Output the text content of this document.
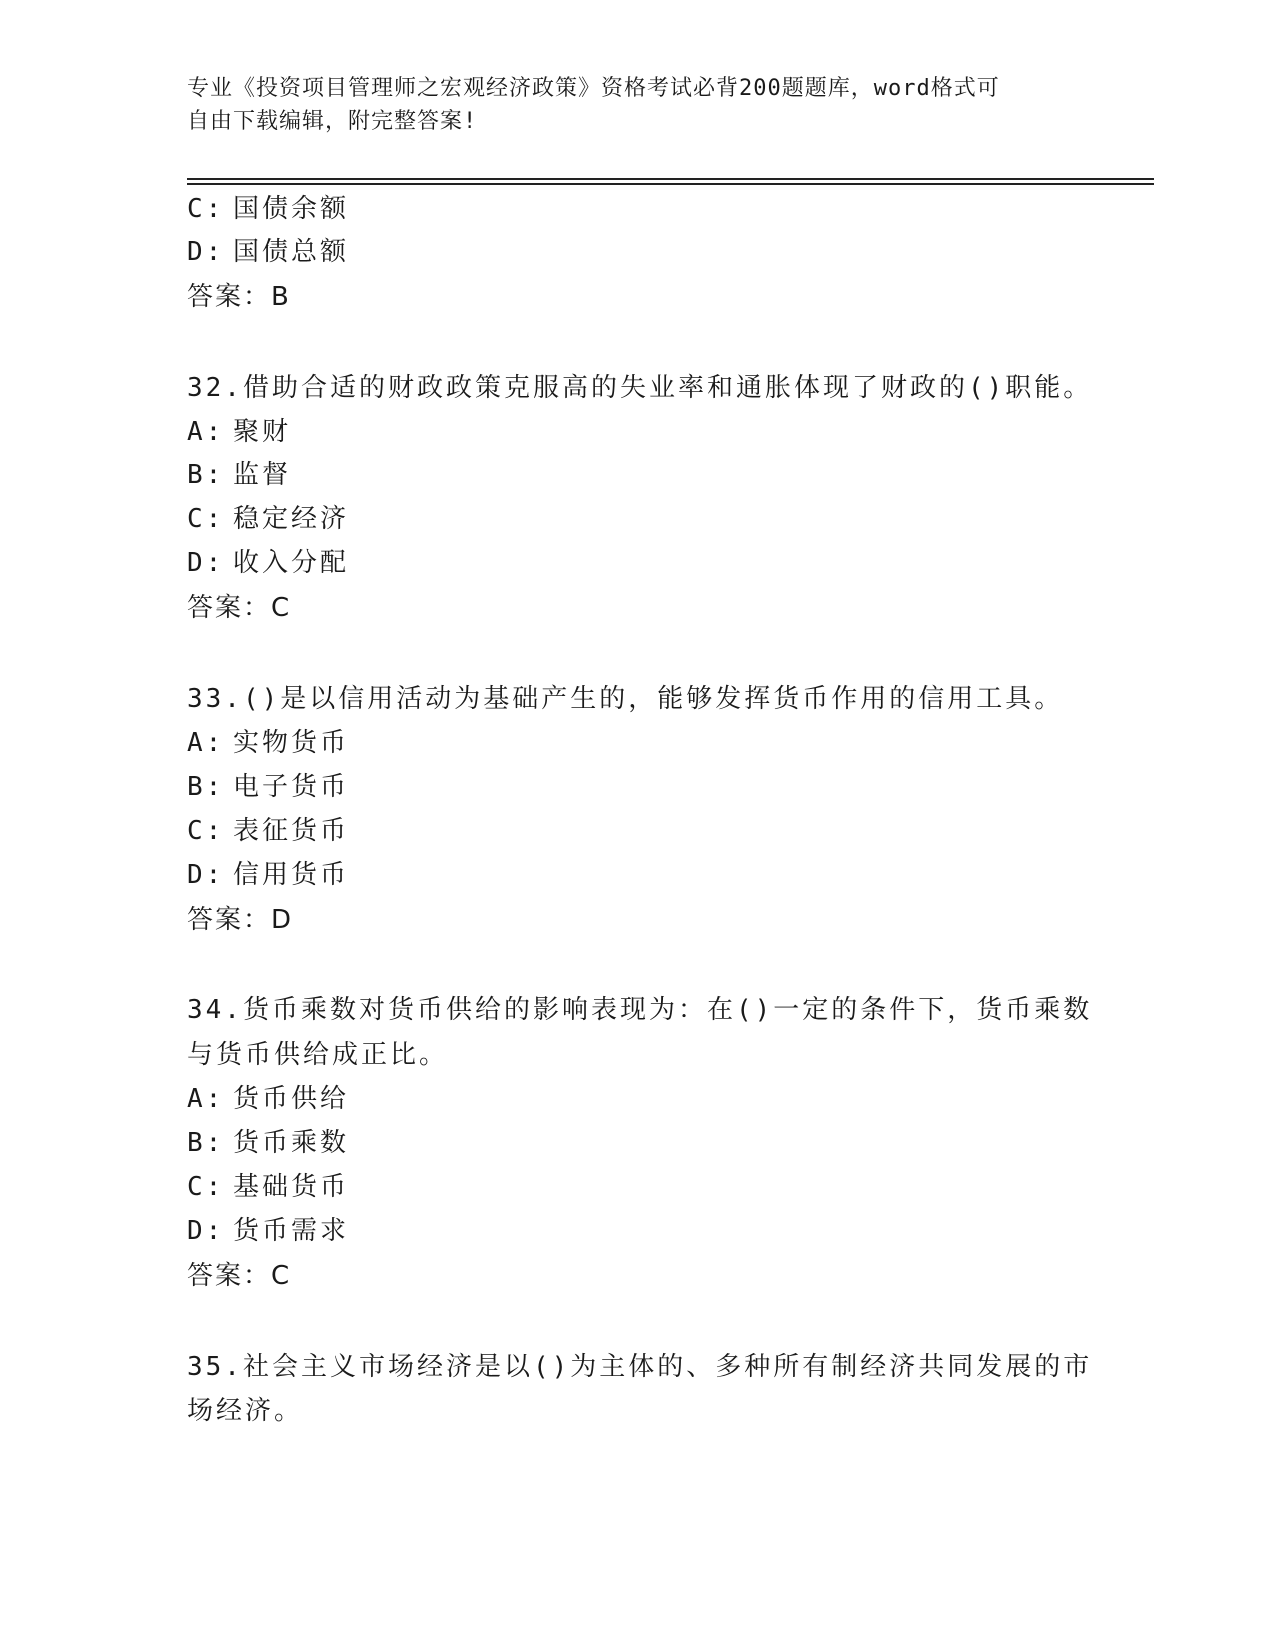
专业《投资项目管理师之宏观经济政策》资格考试必背200题题库，word格式可

自由下载编辑，附完整答案!

C: 国债余额
D: 国债总额
答案：B
32.借助合适的财政政策克服高的失业率和通胀体现了财政的()职能。
A: 聚财
B: 监督
C: 稳定经济
D: 收入分配
答案：C
33.()是以信用活动为基础产生的，能够发挥货币作用的信用工具。
A: 实物货币
B: 电子货币
C: 表征货币
D: 信用货币
答案：D
34.货币乘数对货币供给的影响表现为：在()一定的条件下，货币乘数
与货币供给成正比。
A: 货币供给
B: 货币乘数
C: 基础货币
D: 货币需求
答案：C
35.社会主义市场经济是以()为主体的、多种所有制经济共同发展的市
场经济。
